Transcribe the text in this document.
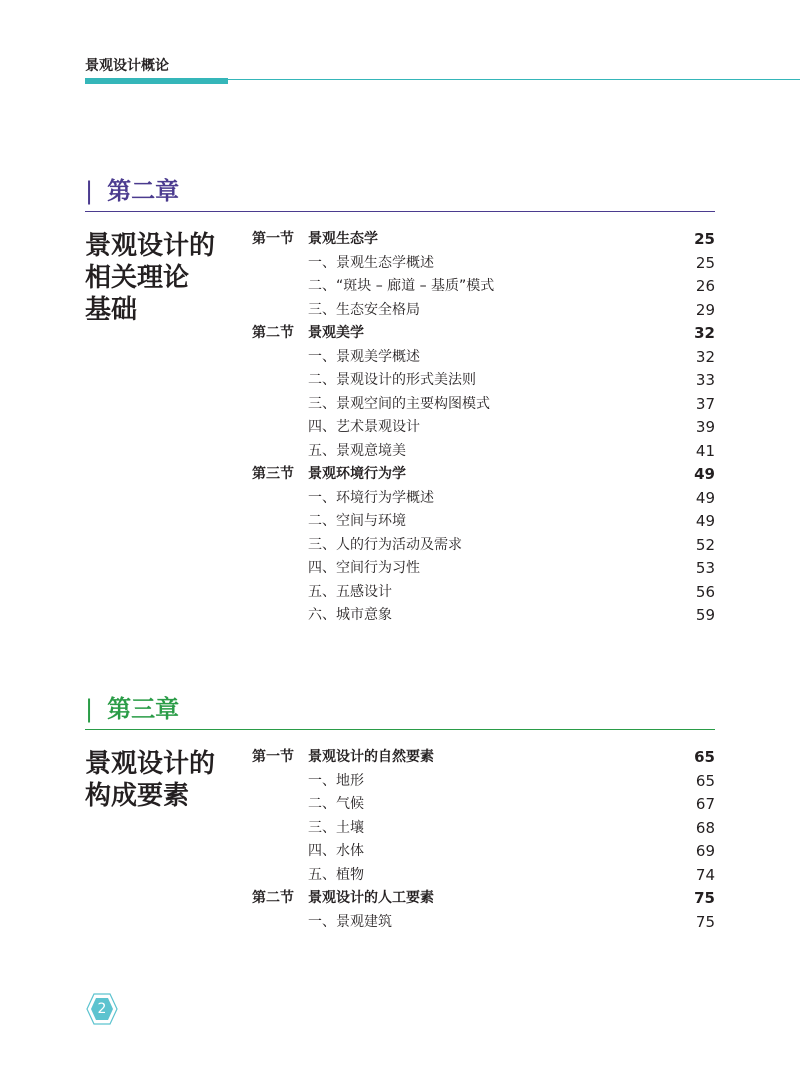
景观设计概论
| 第二章
景观设计的
相关理论
基础
第一节 景观生态学	25
一、景观生态学概述	25
二、“斑块 – 廊道 – 基质”模式	26
三、生态安全格局	29
第二节 景观美学	32
一、景观美学概述	32
二、景观设计的形式美法则	33
三、景观空间的主要构图模式	37
四、艺术景观设计	39
五、景观意境美	41
第三节 景观环境行为学	49
一、环境行为学概述	49
二、空间与环境	49
三、人的行为活动及需求	52
四、空间行为习性	53
五、五感设计	56
六、城市意象	59
| 第三章
景观设计的
构成要素
第一节 景观设计的自然要素	65
一、地形	65
二、气候	67
三、土壤	68
四、水体	69
五、植物	74
第二节 景观设计的人工要素	75
一、景观建筑	75
2
